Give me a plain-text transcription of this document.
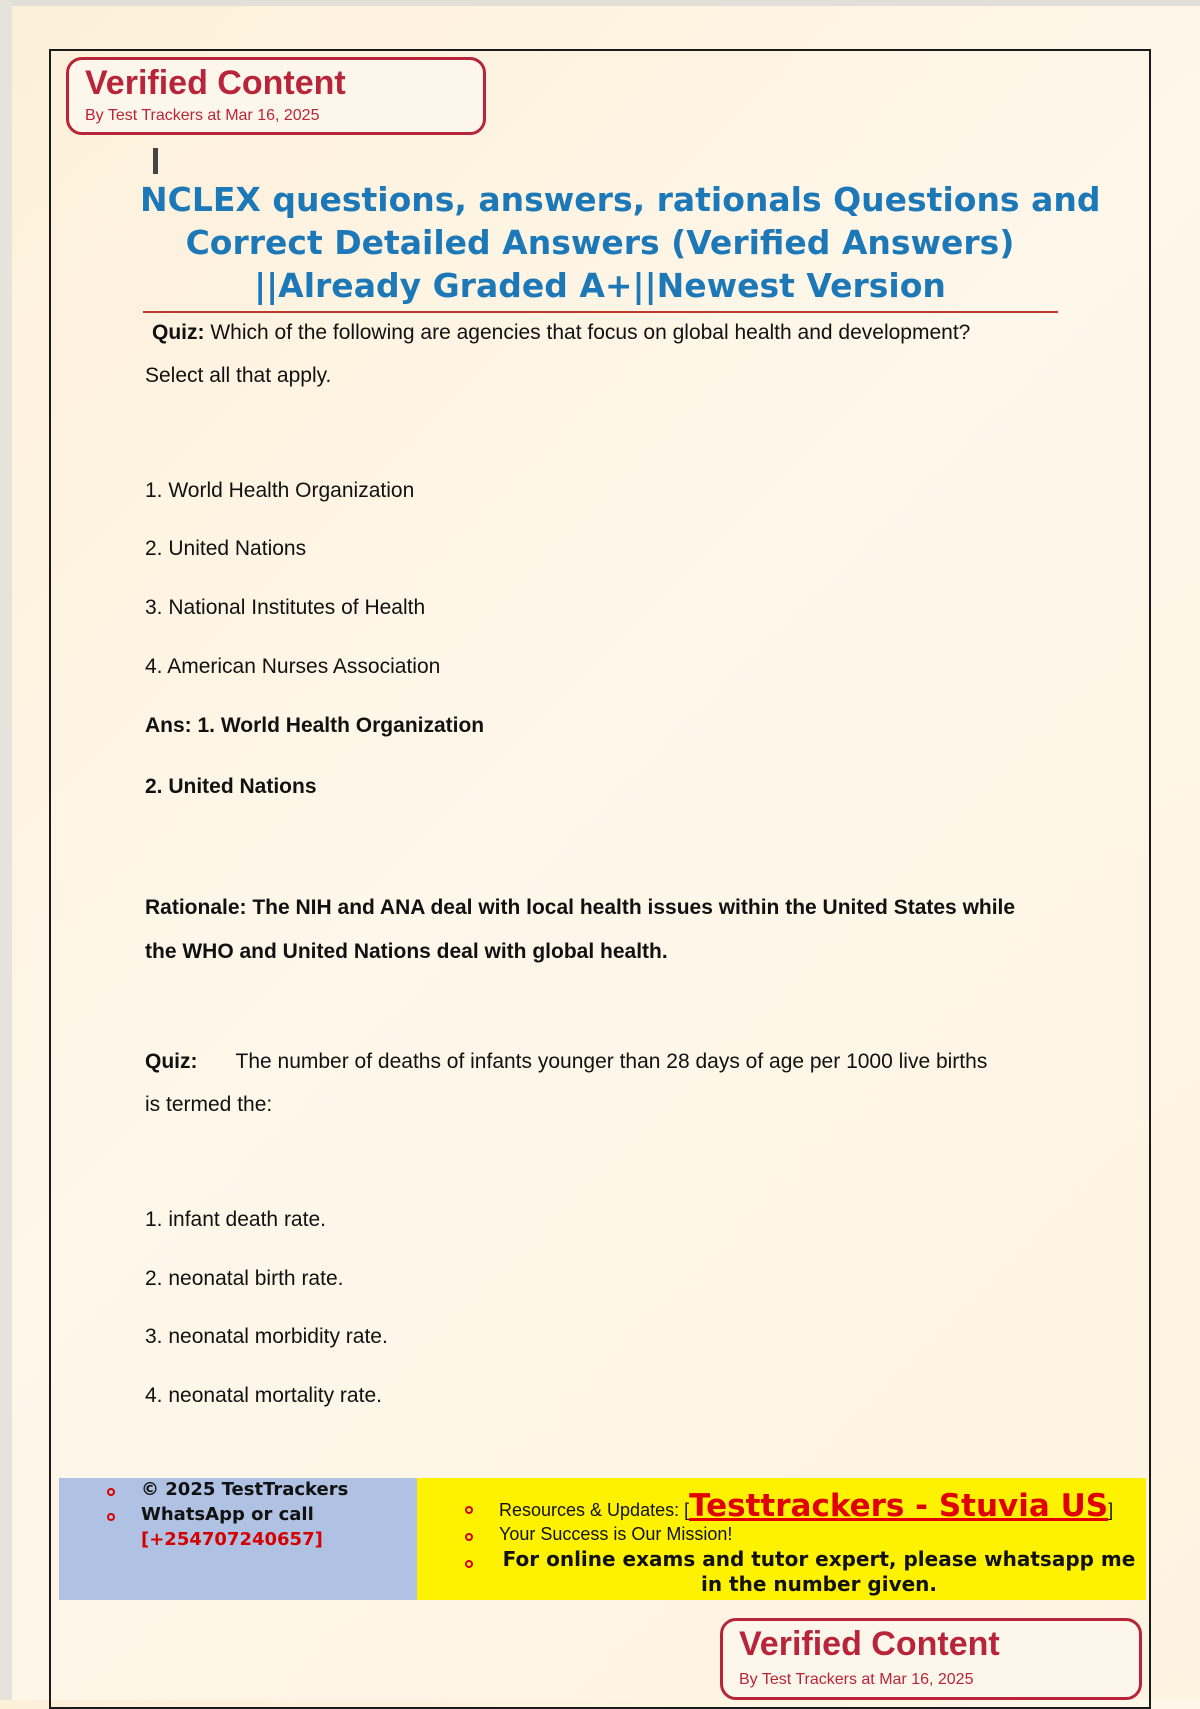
Verified Content
By Test Trackers at Mar 16, 2025
NCLEX questions, answers, rationals Questions and
Correct Detailed Answers (Verified Answers)
||Already Graded A+||Newest Version
Quiz: Which of the following are agencies that focus on global health and development?
Select all that apply.
1. World Health Organization
2. United Nations
3. National Institutes of Health
4. American Nurses Association
Ans: 1. World Health Organization
2. United Nations
Rationale: The NIH and ANA deal with local health issues within the United States while
the WHO and United Nations deal with global health.
Quiz: The number of deaths of infants younger than 28 days of age per 1000 live births
is termed the:
1. infant death rate.
2. neonatal birth rate.
3. neonatal morbidity rate.
4. neonatal mortality rate.
© 2025 TestTrackers
WhatsApp or call
[+254707240657]
Resources & Updates: [Testtrackers - Stuvia US]
Your Success is Our Mission!
For online exams and tutor expert, please whatsapp me
in the number given.
Verified Content
By Test Trackers at Mar 16, 2025
